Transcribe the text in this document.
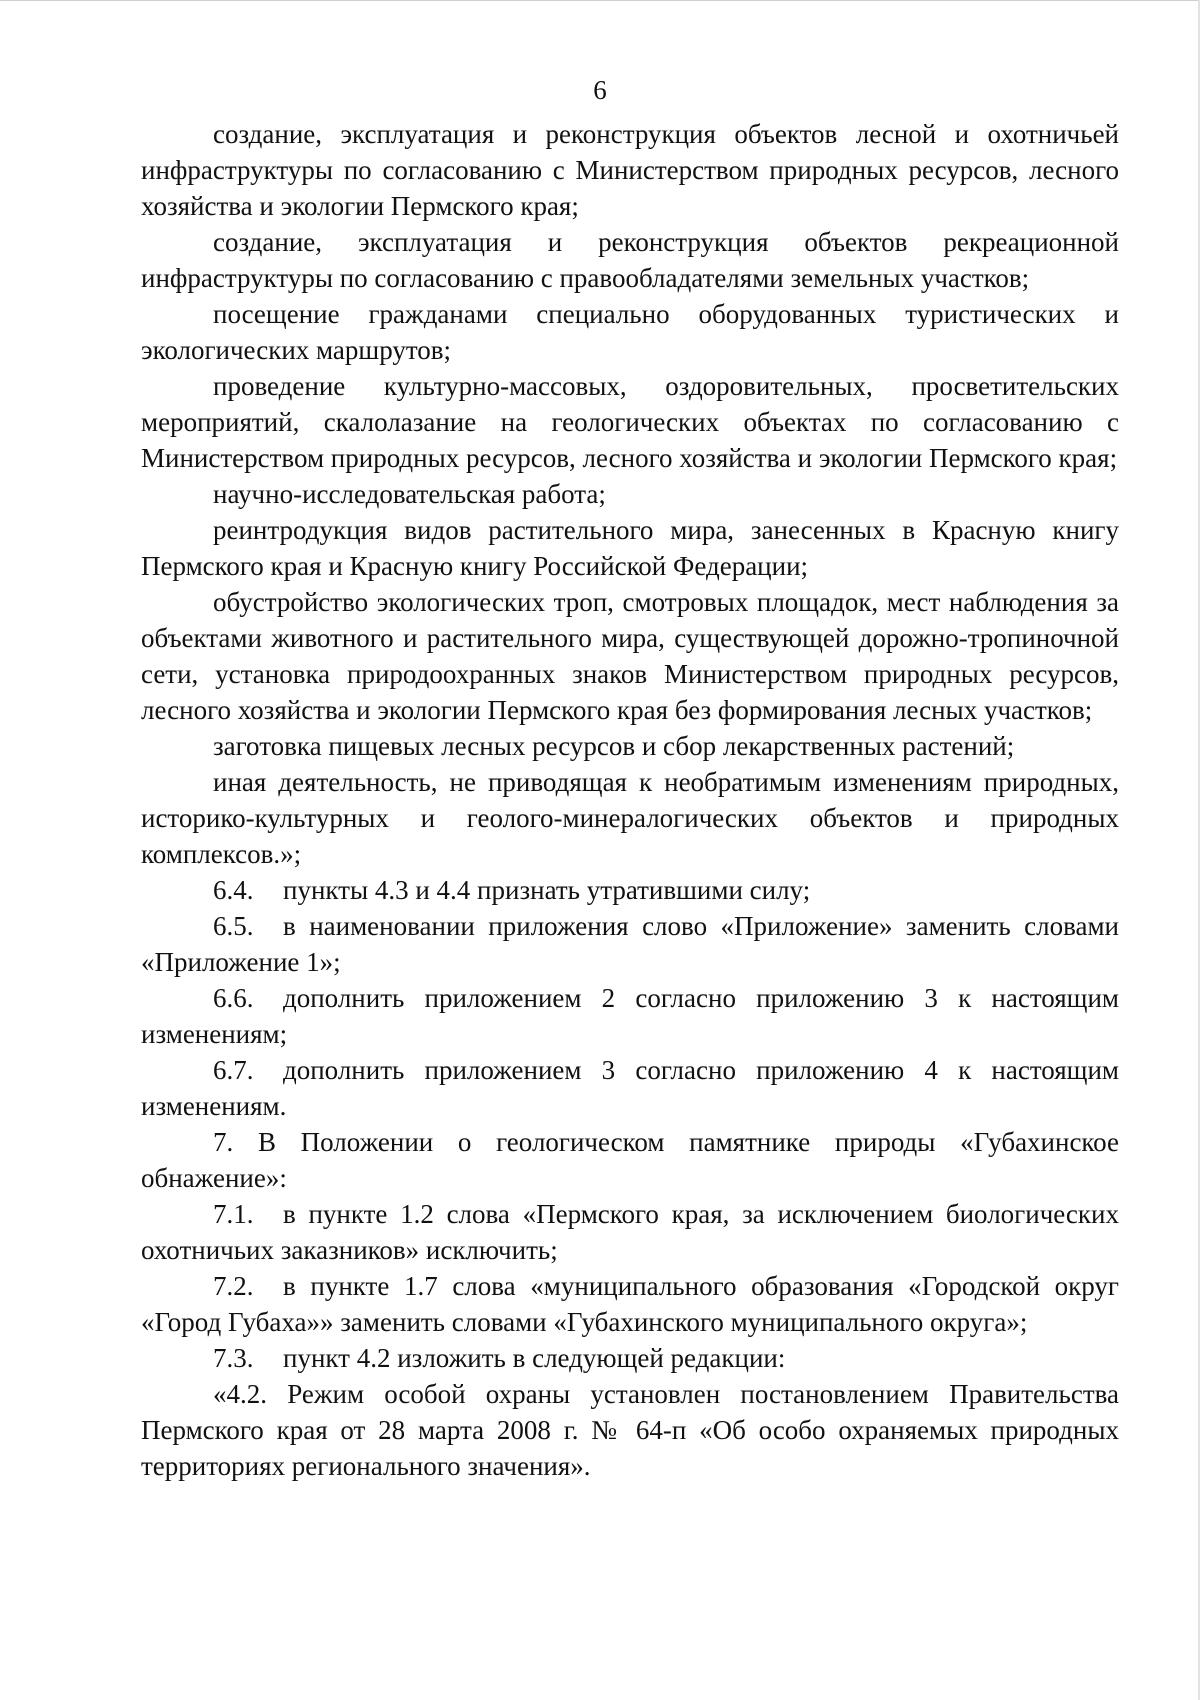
6

создание, эксплуатация и реконструкция объектов лесной и охотничьей инфраструктуры по согласованию с Министерством природных ресурсов, лесного хозяйства и экологии Пермского края;

создание, эксплуатация и реконструкция объектов рекреационной инфраструктуры по согласованию с правообладателями земельных участков;

посещение гражданами специально оборудованных туристических и экологических маршрутов;

проведение культурно-массовых, оздоровительных, просветительских мероприятий, скалолазание на геологических объектах по согласованию с Министерством природных ресурсов, лесного хозяйства и экологии Пермского края;

научно-исследовательская работа;

реинтродукция видов растительного мира, занесенных в Красную книгу Пермского края и Красную книгу Российской Федерации;

обустройство экологических троп, смотровых площадок, мест наблюдения за объектами животного и растительного мира, существующей дорожно-тропиночной сети, установка природоохранных знаков Министерством природных ресурсов, лесного хозяйства и экологии Пермского края без формирования лесных участков;

заготовка пищевых лесных ресурсов и сбор лекарственных растений;

иная деятельность, не приводящая к необратимым изменениям природных, историко-культурных и геолого-минералогических объектов и природных комплексов.»;

6.4. пункты 4.3 и 4.4 признать утратившими силу;

6.5. в наименовании приложения слово «Приложение» заменить словами «Приложение 1»;

6.6. дополнить приложением 2 согласно приложению 3 к настоящим изменениям;

6.7. дополнить приложением 3 согласно приложению 4 к настоящим изменениям.

7. В Положении о геологическом памятнике природы «Губахинское обнажение»:

7.1. в пункте 1.2 слова «Пермского края, за исключением биологических охотничьих заказников» исключить;

7.2. в пункте 1.7 слова «муниципального образования «Городской округ «Город Губаха»» заменить словами «Губахинского муниципального округа»;

7.3. пункт 4.2 изложить в следующей редакции:

«4.2. Режим особой охраны установлен постановлением Правительства Пермского края от 28 марта 2008 г. № 64-п «Об особо охраняемых природных территориях регионального значения».
